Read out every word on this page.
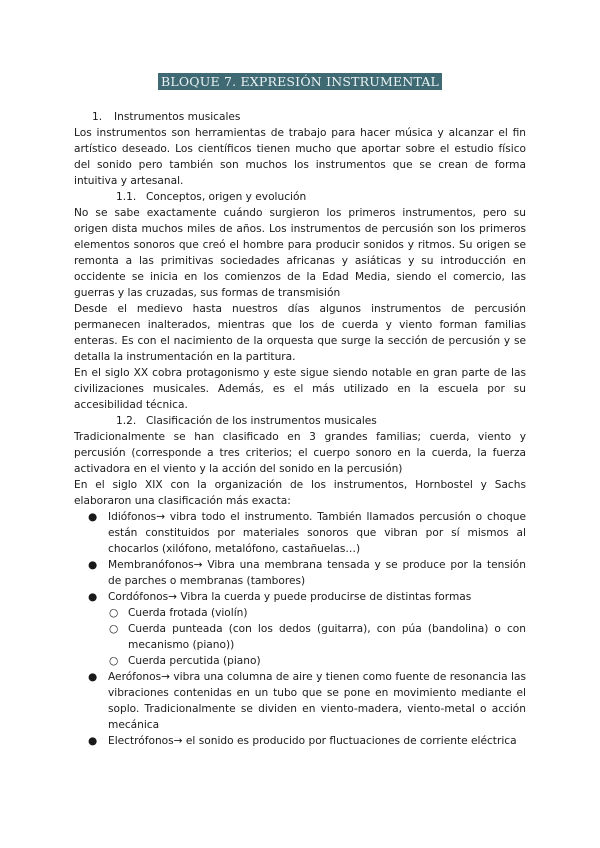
BLOQUE 7. EXPRESIÓN INSTRUMENTAL

1. Instrumentos musicales

Los instrumentos son herramientas de trabajo para hacer música y alcanzar el fin artístico deseado. Los científicos tienen mucho que aportar sobre el estudio físico del sonido pero también son muchos los instrumentos que se crean de forma intuitiva y artesanal.

1.1. Conceptos, origen y evolución

No se sabe exactamente cuándo surgieron los primeros instrumentos, pero su origen dista muchos miles de años. Los instrumentos de percusión son los primeros elementos sonoros que creó el hombre para producir sonidos y ritmos. Su origen se remonta a las primitivas sociedades africanas y asiáticas y su introducción en occidente se inicia en los comienzos de la Edad Media, siendo el comercio, las guerras y las cruzadas, sus formas de transmisión

Desde el medievo hasta nuestros días algunos instrumentos de percusión permanecen inalterados, mientras que los de cuerda y viento forman familias enteras. Es con el nacimiento de la orquesta que surge la sección de percusión y se detalla la instrumentación en la partitura.

En el siglo XX cobra protagonismo y este sigue siendo notable en gran parte de las civilizaciones musicales. Además, es el más utilizado en la escuela por su accesibilidad técnica.

1.2. Clasificación de los instrumentos musicales

Tradicionalmente se han clasificado en 3 grandes familias; cuerda, viento y percusión (corresponde a tres criterios; el cuerpo sonoro en la cuerda, la fuerza activadora en el viento y la acción del sonido en la percusión)

En el siglo XIX con la organización de los instrumentos, Hornbostel y Sachs elaboraron una clasificación más exacta:

● Idiófonos→ vibra todo el instrumento. También llamados percusión o choque están constituidos por materiales sonoros que vibran por sí mismos al chocarlos (xilófono, metalófono, castañuelas…)
● Membranófonos→ Vibra una membrana tensada y se produce por la tensión de parches o membranas (tambores)
● Cordófonos→ Vibra la cuerda y puede producirse de distintas formas
○ Cuerda frotada (violín)
○ Cuerda punteada (con los dedos (guitarra), con púa (bandolina) o con mecanismo (piano))
○ Cuerda percutida (piano)
● Aerófonos→ vibra una columna de aire y tienen como fuente de resonancia las vibraciones contenidas en un tubo que se pone en movimiento mediante el soplo. Tradicionalmente se dividen en viento-madera, viento-metal o acción mecánica
● Electrófonos→ el sonido es producido por fluctuaciones de corriente eléctrica
